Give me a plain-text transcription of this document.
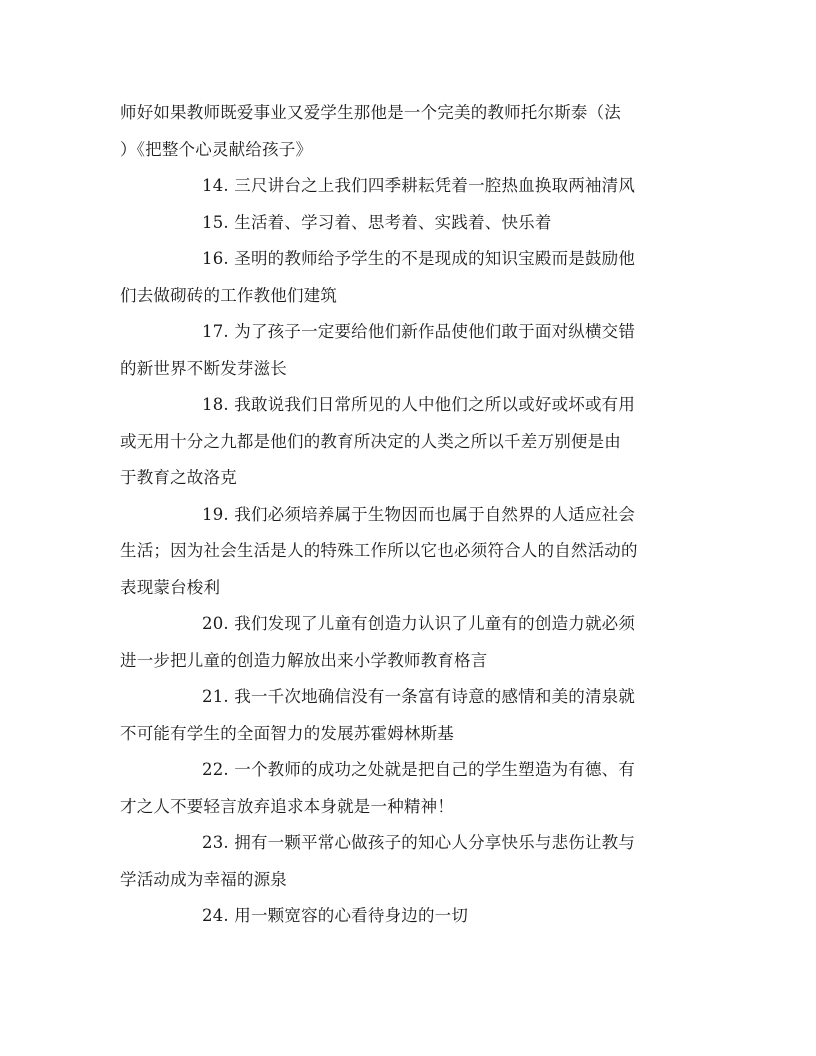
师好如果教师既爱事业又爱学生那他是一个完美的教师托尔斯泰（法
）《把整个心灵献给孩子》
14. 三尺讲台之上我们四季耕耘凭着一腔热血换取两袖清风
15. 生活着、学习着、思考着、实践着、快乐着
16. 圣明的教师给予学生的不是现成的知识宝殿而是鼓励他
们去做砌砖的工作教他们建筑
17. 为了孩子一定要给他们新作品使他们敢于面对纵横交错
的新世界不断发芽滋长
18. 我敢说我们日常所见的人中他们之所以或好或坏或有用
或无用十分之九都是他们的教育所决定的人类之所以千差万别便是由
于教育之故洛克
19. 我们必须培养属于生物因而也属于自然界的人适应社会
生活；因为社会生活是人的特殊工作所以它也必须符合人的自然活动的
表现蒙台梭利
20. 我们发现了儿童有创造力认识了儿童有的创造力就必须
进一步把儿童的创造力解放出来小学教师教育格言
21. 我一千次地确信没有一条富有诗意的感情和美的清泉就
不可能有学生的全面智力的发展苏霍姆林斯基
22. 一个教师的成功之处就是把自己的学生塑造为有德、有
才之人不要轻言放弃追求本身就是一种精神！
23. 拥有一颗平常心做孩子的知心人分享快乐与悲伤让教与
学活动成为幸福的源泉
24. 用一颗宽容的心看待身边的一切
